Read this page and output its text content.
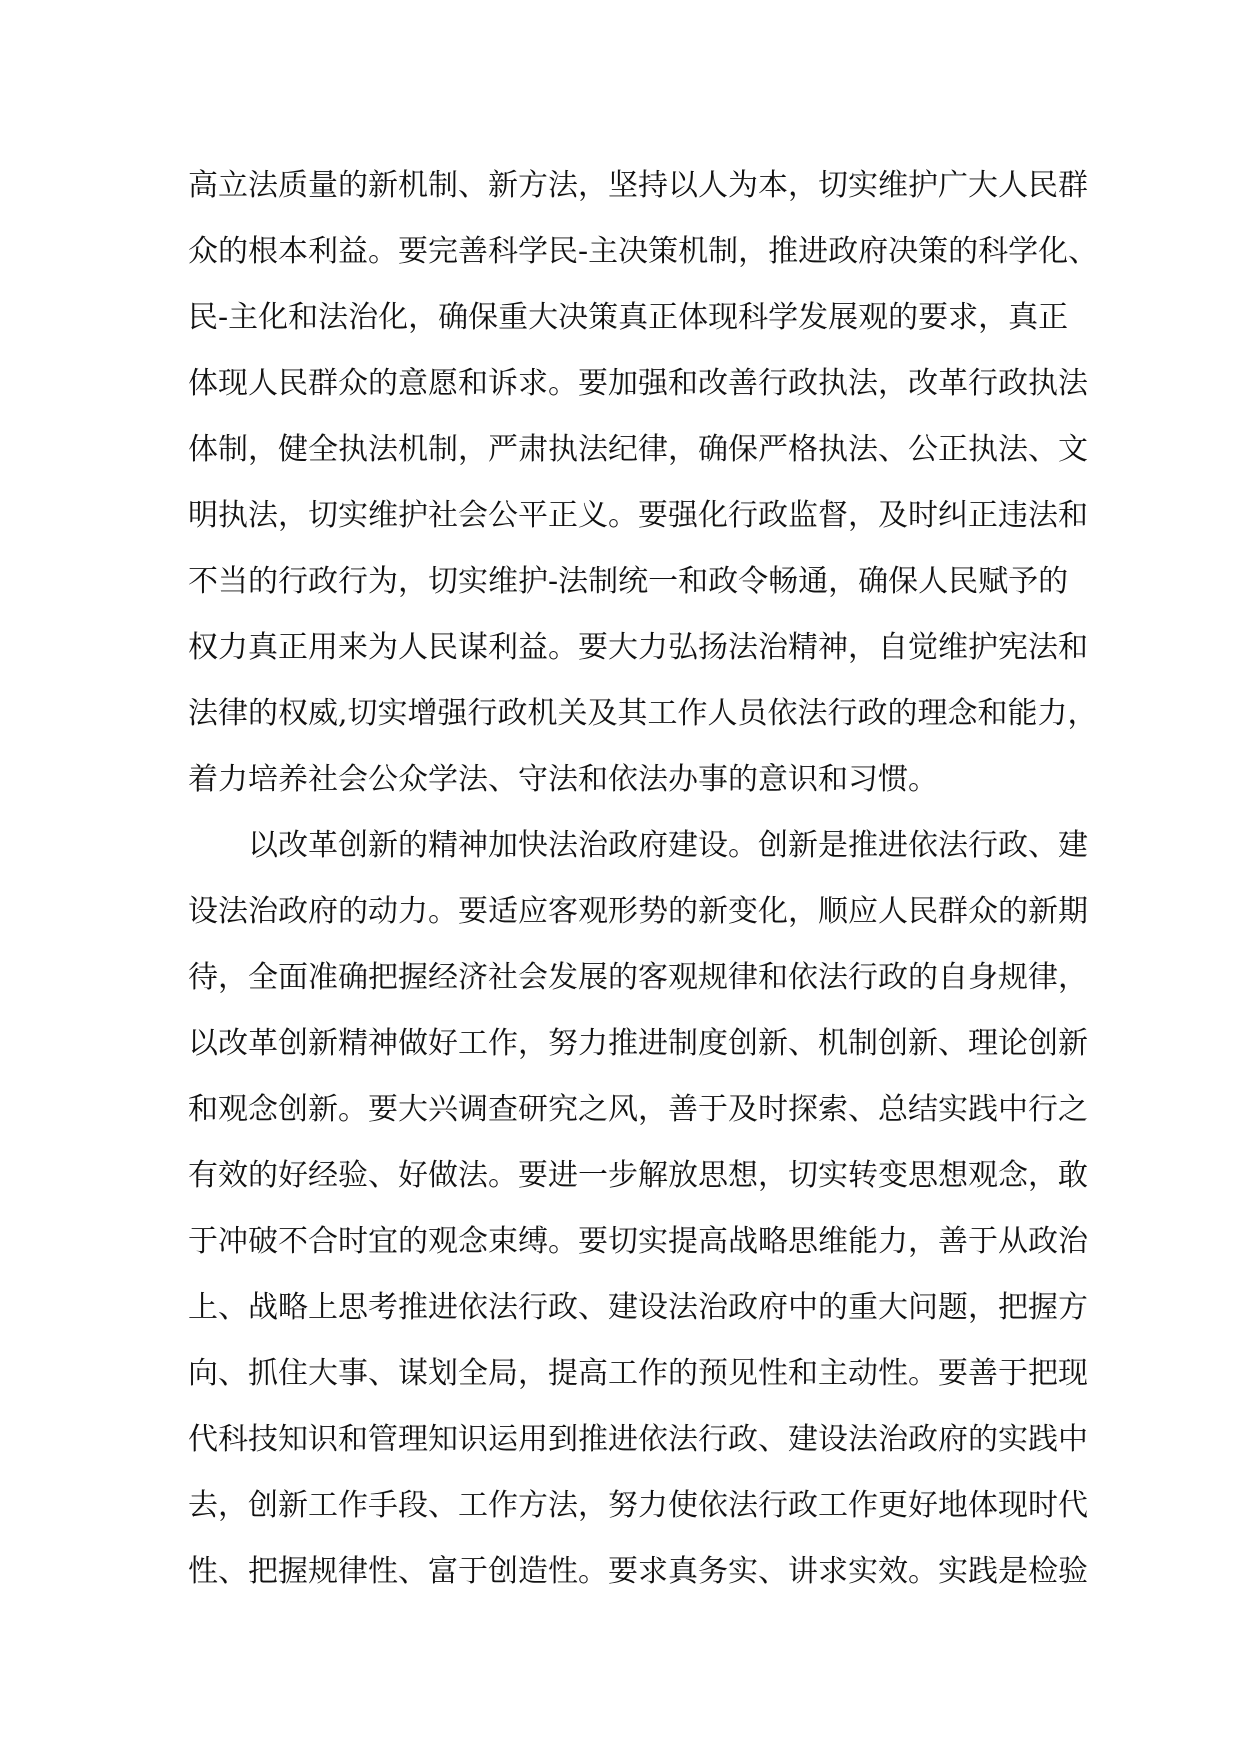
高立法质量的新机制、新方法，坚持以人为本，切实维护广大人民群
众的根本利益。要完善科学民-主决策机制，推进政府决策的科学化、
民-主化和法治化，确保重大决策真正体现科学发展观的要求，真正
体现人民群众的意愿和诉求。要加强和改善行政执法，改革行政执法
体制，健全执法机制，严肃执法纪律，确保严格执法、公正执法、文
明执法，切实维护社会公平正义。要强化行政监督，及时纠正违法和
不当的行政行为，切实维护-法制统一和政令畅通，确保人民赋予的
权力真正用来为人民谋利益。要大力弘扬法治精神，自觉维护宪法和
法律的权威,切实增强行政机关及其工作人员依法行政的理念和能力，
着力培养社会公众学法、守法和依法办事的意识和习惯。
以改革创新的精神加快法治政府建设。创新是推进依法行政、建
设法治政府的动力。要适应客观形势的新变化，顺应人民群众的新期
待，全面准确把握经济社会发展的客观规律和依法行政的自身规律，
以改革创新精神做好工作，努力推进制度创新、机制创新、理论创新
和观念创新。要大兴调查研究之风，善于及时探索、总结实践中行之
有效的好经验、好做法。要进一步解放思想，切实转变思想观念，敢
于冲破不合时宜的观念束缚。要切实提高战略思维能力，善于从政治
上、战略上思考推进依法行政、建设法治政府中的重大问题，把握方
向、抓住大事、谋划全局，提高工作的预见性和主动性。要善于把现
代科技知识和管理知识运用到推进依法行政、建设法治政府的实践中
去，创新工作手段、工作方法，努力使依法行政工作更好地体现时代
性、把握规律性、富于创造性。要求真务实、讲求实效。实践是检验
